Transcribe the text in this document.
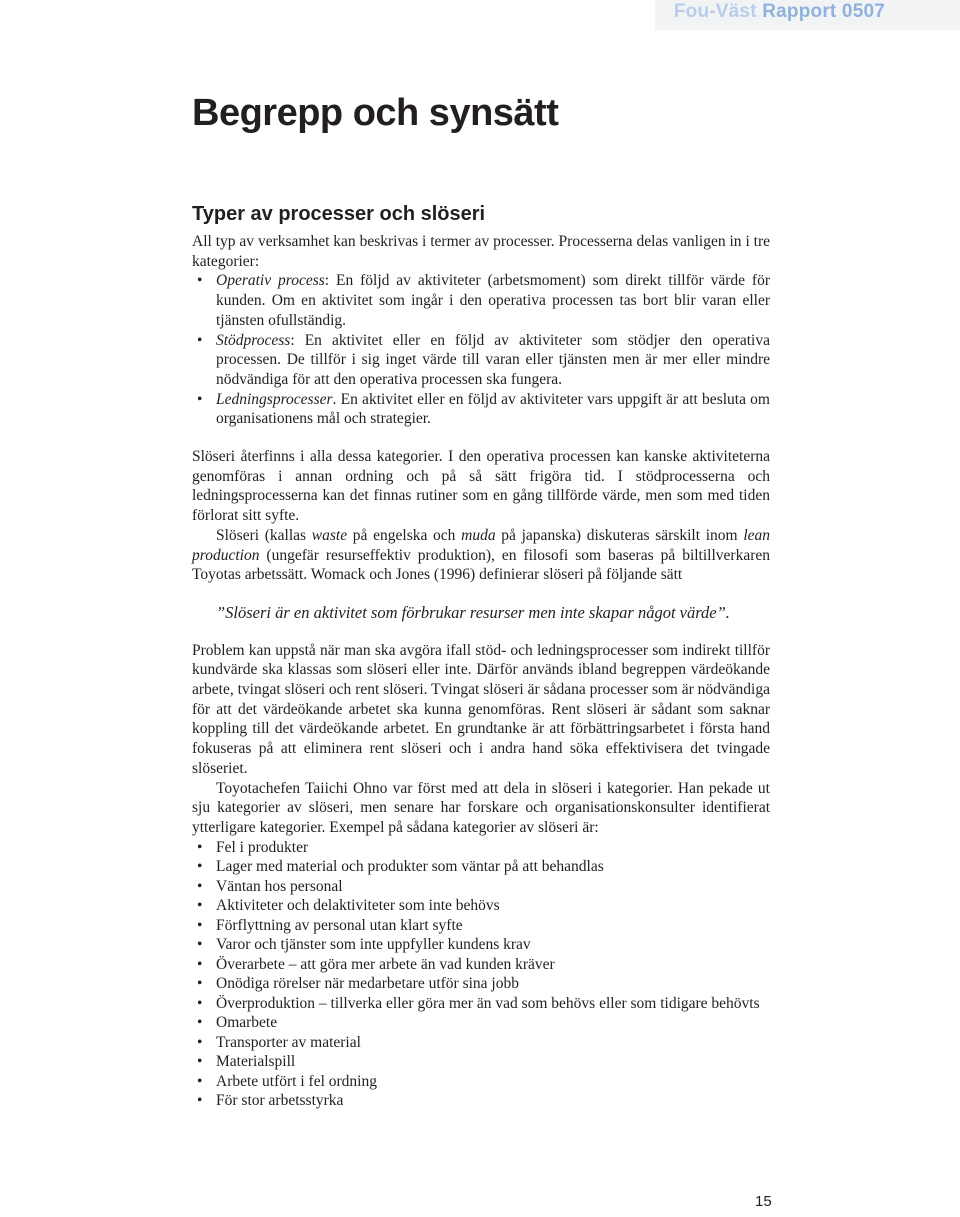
Fou-Väst Rapport 0507
Begrepp och synsätt
Typer av processer och slöseri

All typ av verksamhet kan beskrivas i termer av processer. Processerna delas vanligen in i tre kategorier:

• Operativ process: En följd av aktiviteter (arbetsmoment) som direkt tillför värde för kunden. Om en aktivitet som ingår i den operativa processen tas bort blir varan eller tjänsten ofullständig.
• Stödprocess: En aktivitet eller en följd av aktiviteter som stödjer den operativa processen. De tillför i sig inget värde till varan eller tjänsten men är mer eller mindre nödvändiga för att den operativa processen ska fungera.
• Ledningsprocesser. En aktivitet eller en följd av aktiviteter vars uppgift är att besluta om organisationens mål och strategier.

Slöseri återfinns i alla dessa kategorier. I den operativa processen kan kanske aktiviteterna genomföras i annan ordning och på så sätt frigöra tid. I stödprocesserna och ledningsprocesserna kan det finnas rutiner som en gång tillförde värde, men som med tiden förlorat sitt syfte.

Slöseri (kallas waste på engelska och muda på japanska) diskuteras särskilt inom lean production (ungefär resurseffektiv produktion), en filosofi som baseras på biltillverkaren Toyotas arbetssätt. Womack och Jones (1996) definierar slöseri på följande sätt

”Slöseri är en aktivitet som förbrukar resurser men inte skapar något värde”.

Problem kan uppstå när man ska avgöra ifall stöd- och ledningsprocesser som indirekt tillför kundvärde ska klassas som slöseri eller inte. Därför används ibland begreppen värdeökande arbete, tvingat slöseri och rent slöseri. Tvingat slöseri är sådana processer som är nödvändiga för att det värdeökande arbetet ska kunna genomföras. Rent slöseri är sådant som saknar koppling till det värdeökande arbetet. En grundtanke är att förbättringsarbetet i första hand fokuseras på att eliminera rent slöseri och i andra hand söka effektivisera det tvingade slöseriet.

Toyotachefen Taiichi Ohno var först med att dela in slöseri i kategorier. Han pekade ut sju kategorier av slöseri, men senare har forskare och organisationskonsulter identifierat ytterligare kategorier. Exempel på sådana kategorier av slöseri är:

• Fel i produkter
• Lager med material och produkter som väntar på att behandlas
• Väntan hos personal
• Aktiviteter och delaktiviteter som inte behövs
• Förflyttning av personal utan klart syfte
• Varor och tjänster som inte uppfyller kundens krav
• Överarbete – att göra mer arbete än vad kunden kräver
• Onödiga rörelser när medarbetare utför sina jobb
• Överproduktion – tillverka eller göra mer än vad som behövs eller som tidigare behövts
• Omarbete
• Transporter av material
• Materialspill
• Arbete utfört i fel ordning
• För stor arbetsstyrka
15
